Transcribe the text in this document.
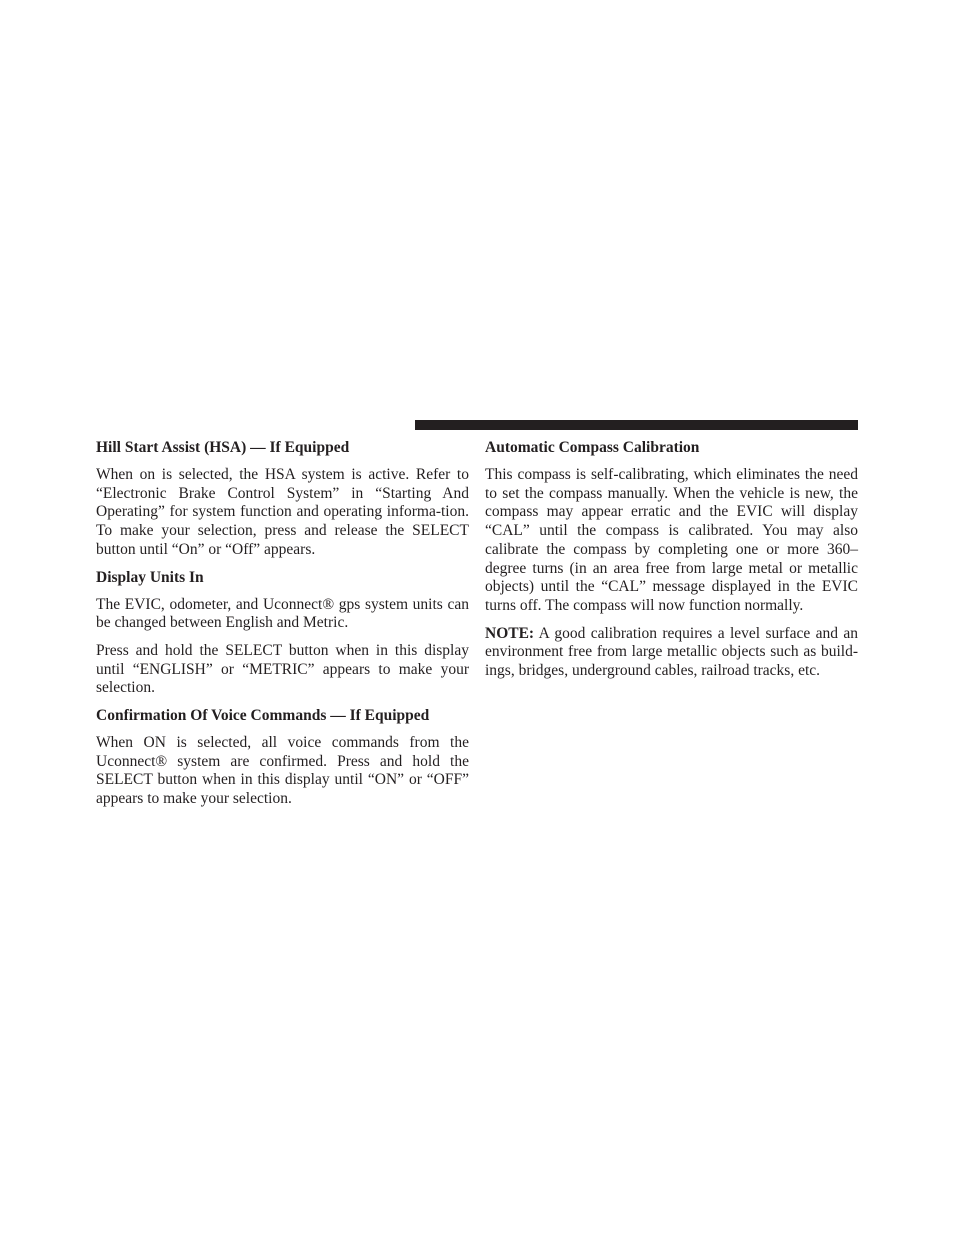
Hill Start Assist (HSA) — If Equipped

When on is selected, the HSA system is active. Refer to “Electronic Brake Control System” in “Starting And Operating” for system function and operating informa-tion. To make your selection, press and release the SELECT button until “On” or “Off” appears.

Display Units In

The EVIC, odometer, and Uconnect® gps system units can be changed between English and Metric.

Press and hold the SELECT button when in this display until “ENGLISH” or “METRIC” appears to make your selection.

Confirmation Of Voice Commands — If Equipped

When ON is selected, all voice commands from the Uconnect® system are confirmed. Press and hold the SELECT button when in this display until “ON” or “OFF” appears to make your selection.

Automatic Compass Calibration

This compass is self-calibrating, which eliminates the need to set the compass manually. When the vehicle is new, the compass may appear erratic and the EVIC will display “CAL” until the compass is calibrated. You may also calibrate the compass by completing one or more 360–degree turns (in an area free from large metal or metallic objects) until the “CAL” message displayed in the EVIC turns off. The compass will now function normally.

NOTE: A good calibration requires a level surface and an environment free from large metallic objects such as build-ings, bridges, underground cables, railroad tracks, etc.
